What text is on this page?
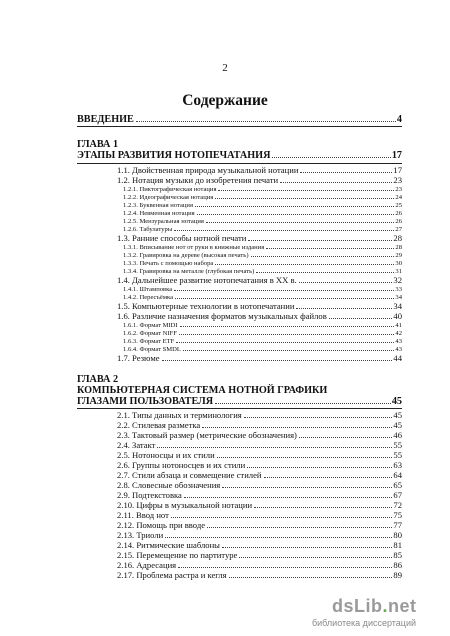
2
Содержание
ВВЕДЕНИЕ	4
ГЛАВА 1
ЭТАПЫ РАЗВИТИЯ НОТОПЕЧАТАНИЯ	17
1.1. Двойственная природа музыкальной нотации	17
1.2. Нотация музыки до изобретения печати	23
1.2.1. Пиктографическая нотация	23
1.2.2. Идеографическая нотация	24
1.2.3. Буквенная нотация	25
1.2.4. Невменная нотация	26
1.2.5. Мензуральная нотация	26
1.2.6. Табулатуры	27
1.3. Ранние способы нотной печати	28
1.3.1. Вписывание нот от руки в книжные издания	28
1.3.2. Гравировка на дереве (высокая печать)	29
1.3.3. Печать с помощью набора	30
1.3.4. Гравировка на металле (глубокая печать)	31
1.4. Дальнейшее развитие нотопечатания в XX в.	32
1.4.1. Штамповка	33
1.4.2. Пересъёмка	34
1.5. Компьютерные технологии в нотопечатании	34
1.6. Различие назначения форматов музыкальных файлов	40
1.6.1. Формат MIDI	41
1.6.2. Формат NIFF	42
1.6.3. Формат ETF	43
1.6.4. Формат SMDL	43
1.7. Резюме	44
ГЛАВА 2
КОМПЬЮТЕРНАЯ СИСТЕМА НОТНОЙ ГРАФИКИ
ГЛАЗАМИ ПОЛЬЗОВАТЕЛЯ	45
2.1. Типы данных и терминология	45
2.2. Стилевая разметка	45
2.3. Тактовый размер (метрические обозначения)	46
2.4. Затакт	55
2.5. Нотоносцы и их стили	55
2.6. Группы нотоносцев и их стили	63
2.7. Стили абзаца и совмещение стилей	64
2.8. Словесные обозначения	65
2.9. Подтекстовка	67
2.10. Цифры в музыкальной нотации	72
2.11. Ввод нот	75
2.12. Помощь при вводе	77
2.13. Триоли	80
2.14. Ритмические шаблоны	81
2.15. Перемещение по партитуре	85
2.16. Адресация	86
2.17. Проблема растра и кегля	89
dsLib.net
библиотека диссертаций
